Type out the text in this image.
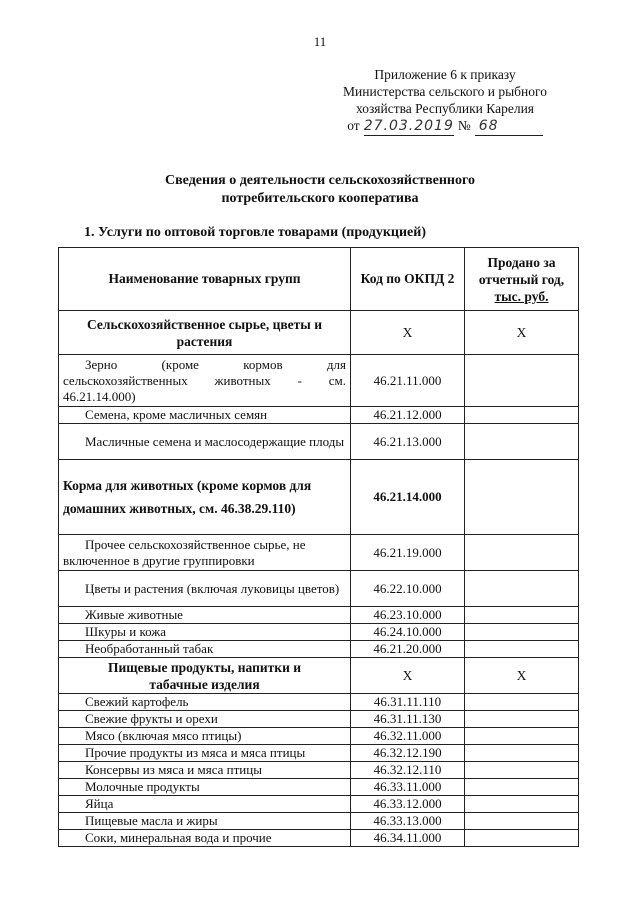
11
Приложение 6 к приказу
Министерства сельского и рыбного
хозяйства Республики Карелия
от 27.03.2019 № 68
Сведения о деятельности сельскохозяйственного
потребительского кооператива
1. Услуги по оптовой торговле товарами (продукцией)
Наименование товарных групп	Код по ОКПД 2	Продано за
отчетный год,
тыс. руб.

Сельскохозяйственное сырье, цветы и
растения	Х	Х
Зерно (кроме кормов для сельскохозяйственных животных - см. 46.21.14.000)	46.21.11.000	
Семена, кроме масличных семян	46.21.12.000	
Масличные семена и маслосодержащие плоды	46.21.13.000	
Корма для животных (кроме кормов для домашних животных, см. 46.38.29.110)	46.21.14.000	
Прочее сельскохозяйственное сырье, не включенное в другие группировки	46.21.19.000	
Цветы и растения (включая луковицы цветов)	46.22.10.000	
Живые животные	46.23.10.000	
Шкуры и кожа	46.24.10.000	
Необработанный табак	46.21.20.000	

Пищевые продукты, напитки и
табачные изделия	Х	Х
Свежий картофель	46.31.11.110	
Свежие фрукты и орехи	46.31.11.130	
Мясо (включая мясо птицы)	46.32.11.000	
Прочие продукты из мяса и мяса птицы	46.32.12.190	
Консервы из мяса и мяса птицы	46.32.12.110	
Молочные продукты	46.33.11.000	
Яйца	46.33.12.000	
Пищевые масла и жиры	46.33.13.000	
Соки, минеральная вода и прочие	46.34.11.000	
